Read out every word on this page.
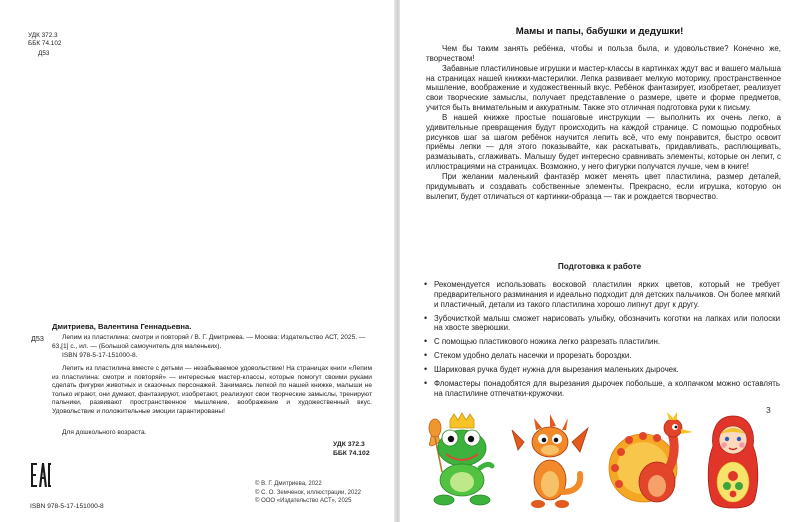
УДК 372.3
ББК 74.102
Д53
Дмитриева, Валентина Геннадьевна.
Д53	Лепим из пластилина: смотри и повторяй / В. Г. Дмитриева. — Москва: Издательство АСТ, 2025. — 63,[1] с., ил. — (Большой самоучитель для маленьких).
ISBN 978-5-17-151000-8.
Лепить из пластилина вместе с детьми — незабываемое удовольствие! На страницах книги «Лепим из пластилина: смотри и повторяй» — интересные мастер-классы, которые помогут своими руками сделать фигурки животных и сказочных персонажей. Занимаясь лепкой по нашей книжке, малыши не только играют, они думают, фантазируют, изобретают, реализуют свои творческие замыслы, тренируют пальчики, развивают пространственное мышление, воображение и художественный вкус. Удовольствие и положительные эмоции гарантированы!
Для дошкольного возраста.
УДК 372.3
ББК 74.102
ISBN 978-5-17-151000-8
© В. Г. Дмитриева, 2022
© С. О. Земченок, иллюстрации, 2022
© ООО «Издательство АСТ», 2025
Мамы и папы, бабушки и дедушки!

Чем бы таким занять ребёнка, чтобы и польза была, и удовольствие? Конечно же, творчеством!

Забавные пластилиновые игрушки и мастер-классы в картинках ждут вас и вашего малыша на страницах нашей книжки-мастерилки. Лепка развивает мелкую моторику, пространственное мышление, воображение и художественный вкус. Ребёнок фантазирует, изобретает, реализует свои творческие замыслы, получает представление о размере, цвете и форме предметов, учится быть внимательным и аккуратным. Также это отличная подготовка руки к письму.

В нашей книжке простые пошаговые инструкции — выполнить их очень легко, а удивительные превращения будут происходить на каждой странице. С помощью подробных рисунков шаг за шагом ребёнок научится лепить всё, что ему понравится, быстро освоит приёмы лепки — для этого показывайте, как раскатывать, придавливать, расплющивать, размазывать, сглаживать. Малышу будет интересно сравнивать элементы, которые он лепит, с иллюстрациями на страницах. Возможно, у него фигурки получатся лучше, чем в книге!

При желании маленький фантазёр может менять цвет пластилина, размер деталей, придумывать и создавать собственные элементы. Прекрасно, если игрушка, которую он вылепит, будет отличаться от картинки-образца — так и рождается творчество.

Подготовка к работе
• Рекомендуется использовать восковой пластилин ярких цветов, который не требует предварительного разминания и идеально подходит для детских пальчиков. Он более мягкий и пластичный, детали из такого пластилина хорошо липнут друг к другу.
• Зубочисткой малыш сможет нарисовать улыбку, обозначить коготки на лапках или полоски на хвосте зверюшки.
• С помощью пластикового ножика легко разрезать пластилин.
• Стеком удобно делать насечки и прорезать бороздки.
• Шариковая ручка будет нужна для вырезания маленьких дырочек.
• Фломастеры понадобятся для вырезания дырочек побольше, а колпачком можно оставлять на пластилине отпечатки-кружочки.
3
